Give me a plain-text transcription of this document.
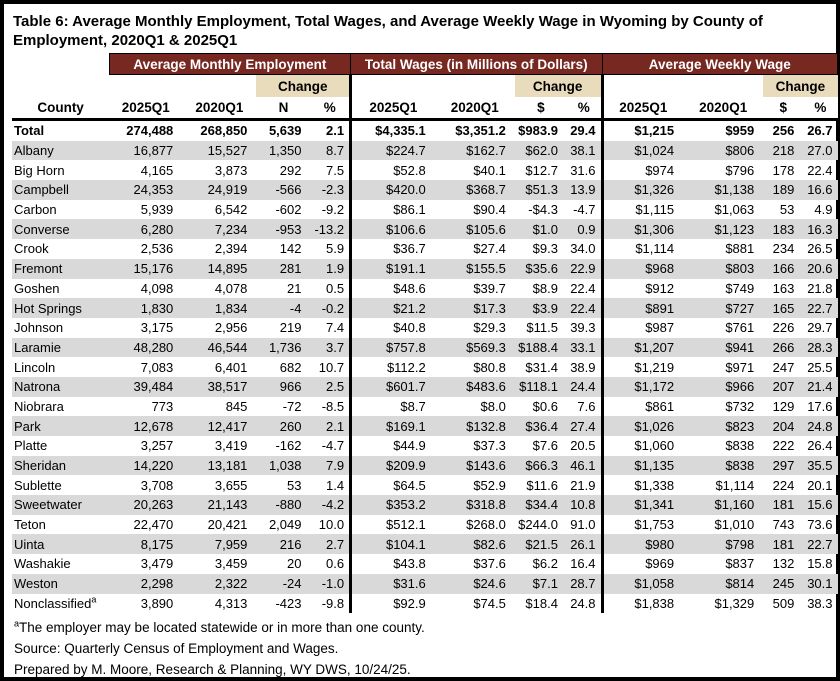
Table 6: Average Monthly Employment, Total Wages, and Average Weekly Wage in Wyoming by County of Employment, 2020Q1 & 2025Q1
	Average Monthly Employment				Total Wages (in Millions of Dollars)				Average Weekly Wage			
			Change				Change				Change	
County	2025Q1	2020Q1	N	%	2025Q1	2020Q1	$	%	2025Q1	2020Q1	$	%
Total	274,488	268,850	5,639	2.1	$4,335.1	$3,351.2	$983.9	29.4	$1,215	$959	256	26.7
Albany	16,877	15,527	1,350	8.7	$224.7	$162.7	$62.0	38.1	$1,024	$806	218	27.0
Big Horn	4,165	3,873	292	7.5	$52.8	$40.1	$12.7	31.6	$974	$796	178	22.4
Campbell	24,353	24,919	-566	-2.3	$420.0	$368.7	$51.3	13.9	$1,326	$1,138	189	16.6
Carbon	5,939	6,542	-602	-9.2	$86.1	$90.4	-$4.3	-4.7	$1,115	$1,063	53	4.9
Converse	6,280	7,234	-953	-13.2	$106.6	$105.6	$1.0	0.9	$1,306	$1,123	183	16.3
Crook	2,536	2,394	142	5.9	$36.7	$27.4	$9.3	34.0	$1,114	$881	234	26.5
Fremont	15,176	14,895	281	1.9	$191.1	$155.5	$35.6	22.9	$968	$803	166	20.6
Goshen	4,098	4,078	21	0.5	$48.6	$39.7	$8.9	22.4	$912	$749	163	21.8
Hot Springs	1,830	1,834	-4	-0.2	$21.2	$17.3	$3.9	22.4	$891	$727	165	22.7
Johnson	3,175	2,956	219	7.4	$40.8	$29.3	$11.5	39.3	$987	$761	226	29.7
Laramie	48,280	46,544	1,736	3.7	$757.8	$569.3	$188.4	33.1	$1,207	$941	266	28.3
Lincoln	7,083	6,401	682	10.7	$112.2	$80.8	$31.4	38.9	$1,219	$971	247	25.5
Natrona	39,484	38,517	966	2.5	$601.7	$483.6	$118.1	24.4	$1,172	$966	207	21.4
Niobrara	773	845	-72	-8.5	$8.7	$8.0	$0.6	7.6	$861	$732	129	17.6
Park	12,678	12,417	260	2.1	$169.1	$132.8	$36.4	27.4	$1,026	$823	204	24.8
Platte	3,257	3,419	-162	-4.7	$44.9	$37.3	$7.6	20.5	$1,060	$838	222	26.4
Sheridan	14,220	13,181	1,038	7.9	$209.9	$143.6	$66.3	46.1	$1,135	$838	297	35.5
Sublette	3,708	3,655	53	1.4	$64.5	$52.9	$11.6	21.9	$1,338	$1,114	224	20.1
Sweetwater	20,263	21,143	-880	-4.2	$353.2	$318.8	$34.4	10.8	$1,341	$1,160	181	15.6
Teton	22,470	20,421	2,049	10.0	$512.1	$268.0	$244.0	91.0	$1,753	$1,010	743	73.6
Uinta	8,175	7,959	216	2.7	$104.1	$82.6	$21.5	26.1	$980	$798	181	22.7
Washakie	3,479	3,459	20	0.6	$43.8	$37.6	$6.2	16.4	$969	$837	132	15.8
Weston	2,298	2,322	-24	-1.0	$31.6	$24.6	$7.1	28.7	$1,058	$814	245	30.1
Nonclassified$^a$	3,890	4,313	-423	-9.8	$92.9	$74.5	$18.4	24.8	$1,838	$1,329	509	38.3
$^a$The employer may be located statewide or in more than one county.
Source: Quarterly Census of Employment and Wages.
Prepared by M. Moore, Research & Planning, WY DWS, 10/24/25.
